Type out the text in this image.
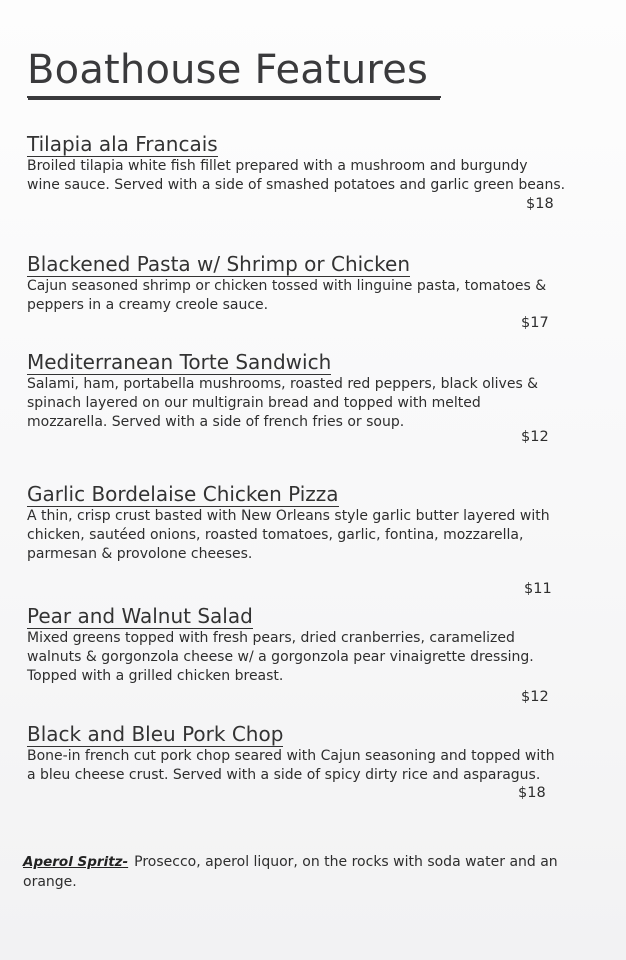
Boathouse Features
Tilapia ala Francais
Broiled tilapia white fish fillet prepared with a mushroom and burgundy
wine sauce. Served with a side of smashed potatoes and garlic green beans.
$18
Blackened Pasta w/ Shrimp or Chicken
Cajun seasoned shrimp or chicken tossed with linguine pasta, tomatoes &
peppers in a creamy creole sauce.
$17
Mediterranean Torte Sandwich
Salami, ham, portabella mushrooms, roasted red peppers, black olives &
spinach layered on our multigrain bread and topped with melted
mozzarella. Served with a side of french fries or soup.
$12
Garlic Bordelaise Chicken Pizza
A thin, crisp crust basted with New Orleans style garlic butter layered with
chicken, sautéed onions, roasted tomatoes, garlic, fontina, mozzarella,
parmesan & provolone cheeses.
$11
Pear and Walnut Salad
Mixed greens topped with fresh pears, dried cranberries, caramelized
walnuts & gorgonzola cheese w/ a gorgonzola pear vinaigrette dressing.
Topped with a grilled chicken breast.
$12
Black and Bleu Pork Chop
Bone-in french cut pork chop seared with Cajun seasoning and topped with
a bleu cheese crust. Served with a side of spicy dirty rice and asparagus.
$18
Aperol Spritz- Prosecco, aperol liquor, on the rocks with soda water and an
orange.
